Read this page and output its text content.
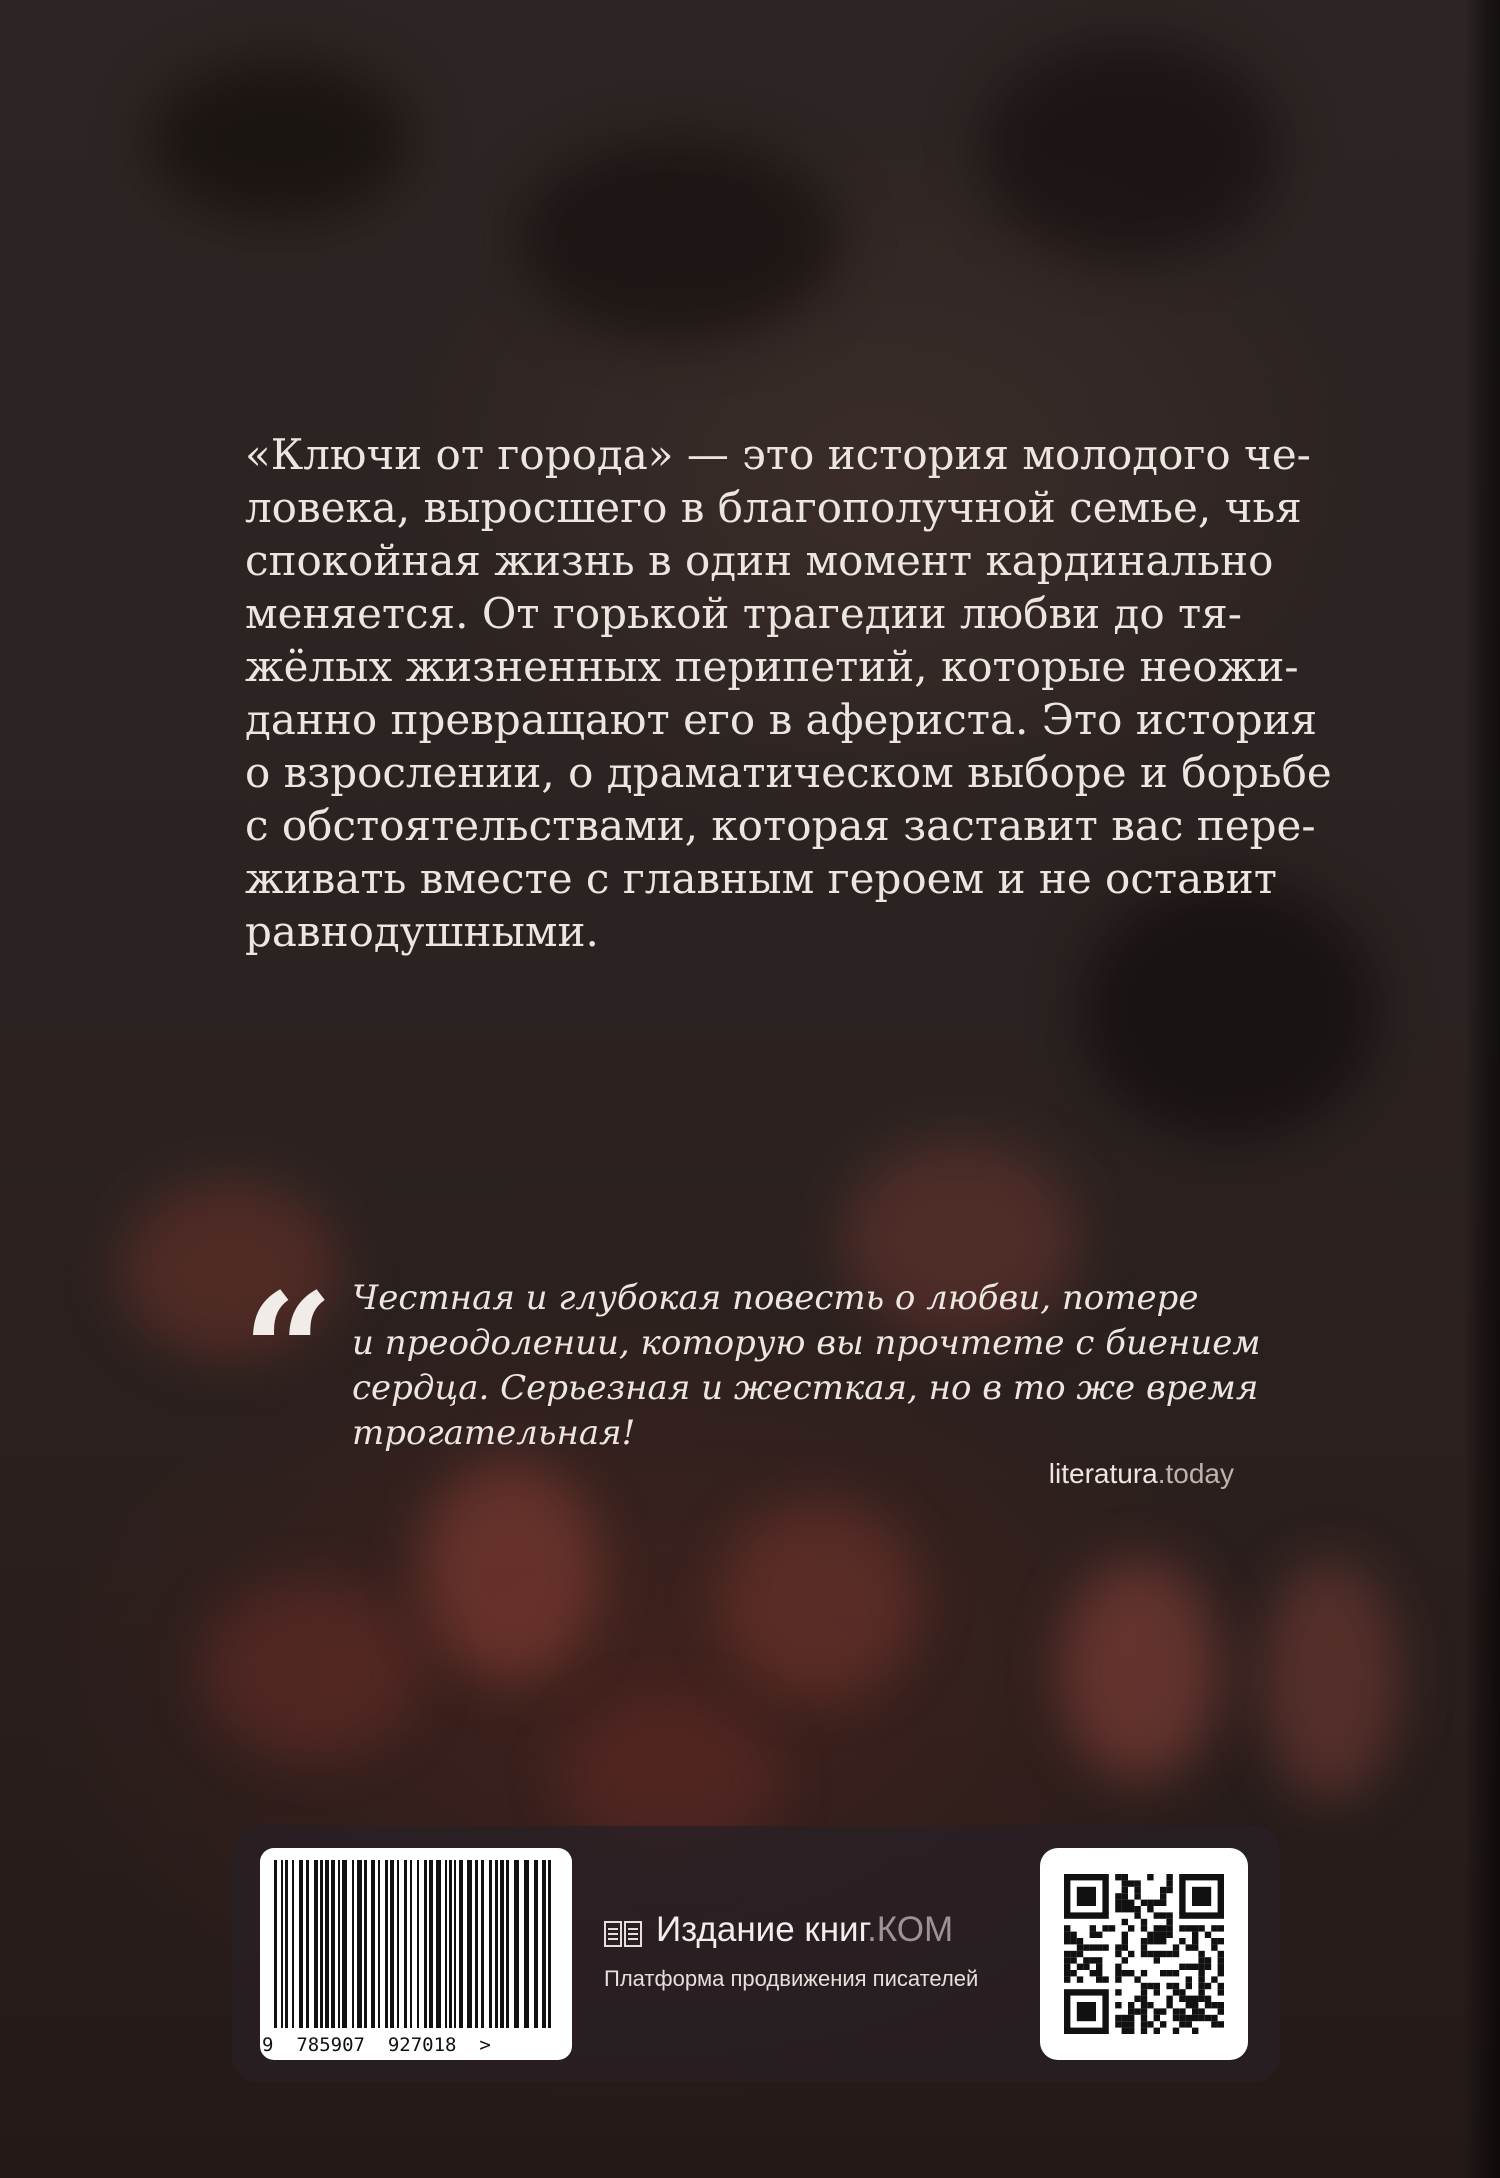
«Ключи от города» — это история молодого че-
ловека, выросшего в благополучной семье, чья
спокойная жизнь в один момент кардинально
меняется. От горькой трагедии любви до тя-
жёлых жизненных перипетий, которые неожи-
данно превращают его в афериста. Это история
о взрослении, о драматическом выборе и борьбе
с обстоятельствами, которая заставит вас пере-
живать вместе с главным героем и не оставит
равнодушными.
“ Честная и глубокая повесть о любви, потере
и преодолении, которую вы прочтете с биением
сердца. Серьезная и жесткая, но в то же время
трогательная!
literatura.today
9  785907  927018  >
Издание книг.КОМ
Платформа продвижения писателей
